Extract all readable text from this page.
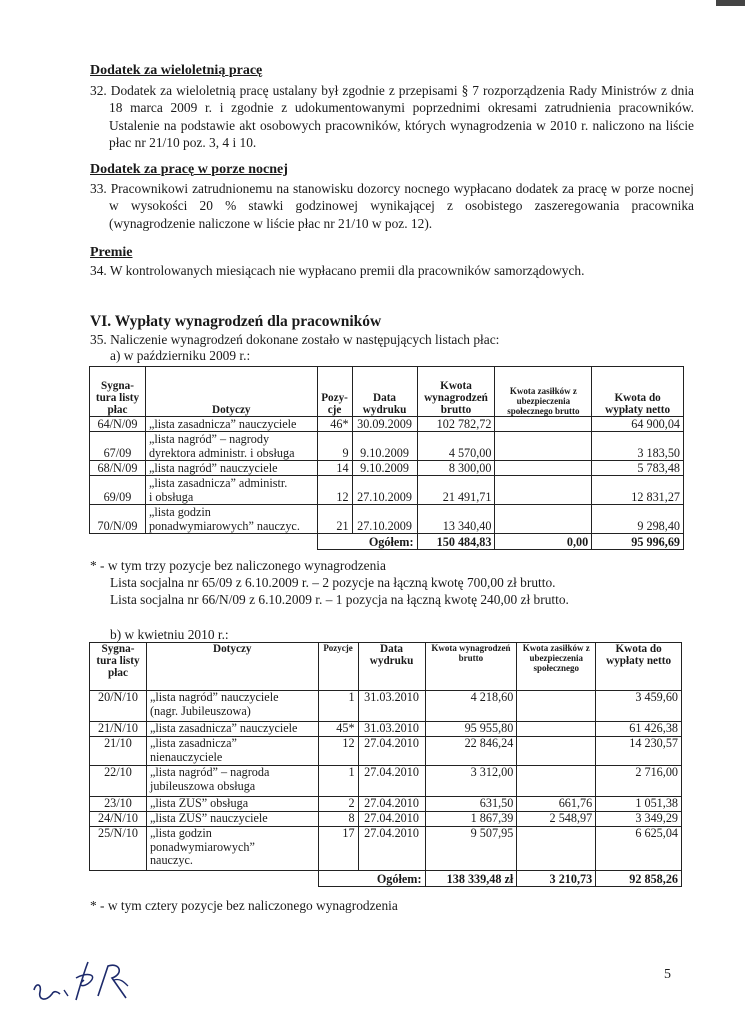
Dodatek za wieloletnią pracę
32. Dodatek za wieloletnią pracę ustalany był zgodnie z przepisami § 7 rozporządzenia Rady Ministrów z dnia 18 marca 2009 r. i zgodnie z udokumentowanymi poprzednimi okresami zatrudnienia pracowników. Ustalenie na podstawie akt osobowych pracowników, których wynagrodzenia w 2010 r. naliczono na liście płac nr 21/10 poz. 3, 4 i 10.
Dodatek za pracę w porze nocnej
33. Pracownikowi zatrudnionemu na stanowisku dozorcy nocnego wypłacano dodatek za pracę w porze nocnej w wysokości 20 % stawki godzinowej wynikającej z osobistego zaszeregowania pracownika (wynagrodzenie naliczone w liście płac nr 21/10 w poz. 12).
Premie
34. W kontrolowanych miesiącach nie wypłacano premii dla pracowników samorządowych.
VI. Wypłaty wynagrodzeń dla pracowników
35. Naliczenie wynagrodzeń dokonane zostało w następujących listach płac:
a) w październiku 2009 r.:
Sygna- tura listy płac	Dotyczy	Pozy- cje	Data wydruku	Kwota wynagrodzeń brutto	Kwota zasiłków z ubezpieczenia społecznego brutto	Kwota do wypłaty netto
64/N/09	„lista zasadnicza” nauczyciele	46*	30.09.2009	102 782,72		64 900,04
67/09	„lista nagród” – nagrody
dyrektora administr. i obsługa	9	9.10.2009	4 570,00		3 183,50
68/N/09	„lista nagród” nauczyciele	14	9.10.2009	8 300,00		5 783,48
69/09	„lista zasadnicza” administr.
i obsługa	12	27.10.2009	21 491,71		12 831,27
70/N/09	„lista godzin
ponadwymiarowych” nauczyc.	21	27.10.2009	13 340,40		9 298,40
		Ogółem:		150 484,83	0,00	95 996,69
* - w tym trzy pozycje bez naliczonego wynagrodzenia
Lista socjalna nr 65/09 z 6.10.2009 r. – 2 pozycje na łączną kwotę 700,00 zł brutto.
Lista socjalna nr 66/N/09 z 6.10.2009 r. – 1 pozycja na łączną kwotę 240,00 zł brutto.
b) w kwietniu 2010 r.:
Sygna- tura listy płac	Dotyczy	Pozycje	Data wydruku	Kwota wynagrodzeń brutto	Kwota zasiłków z ubezpieczenia społecznego	Kwota do wypłaty netto
20/N/10	„lista nagród” nauczyciele
(nagr. Jubileuszowa)	1	31.03.2010	4 218,60		3 459,60
21/N/10	„lista zasadnicza” nauczyciele	45*	31.03.2010	95 955,80		61 426,38
21/10	„lista zasadnicza”
nienauczyciele	12	27.04.2010	22 846,24		14 230,57
22/10	„lista nagród” – nagroda
jubileuszowa obsługa	1	27.04.2010	3 312,00		2 716,00
23/10	„lista ZUS” obsługa	2	27.04.2010	631,50	661,76	1 051,38
24/N/10	„lista ZUS” nauczyciele	8	27.04.2010	1 867,39	2 548,97	3 349,29
25/N/10	„lista godzin
ponadwymiarowych”
nauczyc.	17	27.04.2010	9 507,95		6 625,04
		Ogółem:		138 339,48 zł	3 210,73	92 858,26
* - w tym cztery pozycje bez naliczonego wynagrodzenia
5
